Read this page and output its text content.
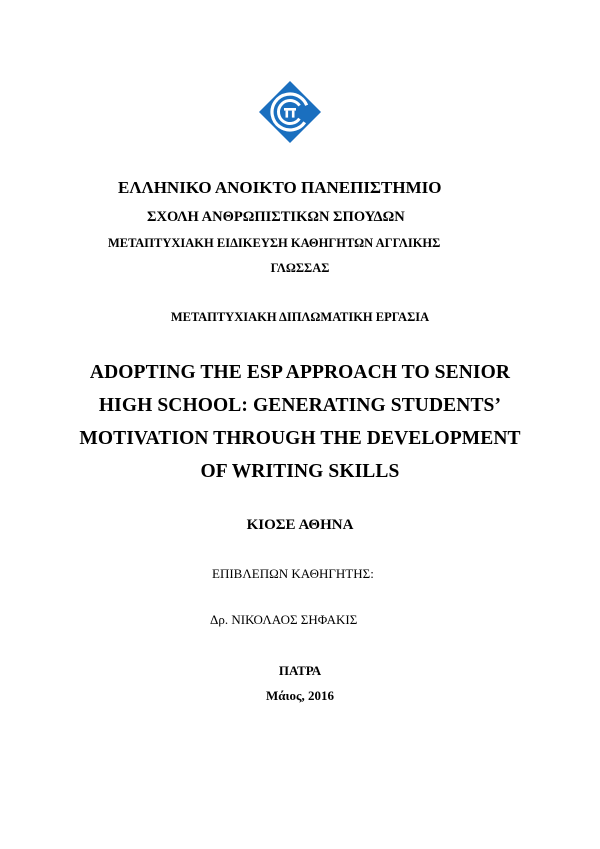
ΕΛΛΗΝΙΚΟ ΑΝΟΙΚΤΟ ΠΑΝΕΠΙΣΤΗΜΙΟ
ΣΧΟΛΗ ΑΝΘΡΩΠΙΣΤΙΚΩΝ ΣΠΟΥΔΩΝ
ΜΕΤΑΠΤΥΧΙΑΚΗ ΕΙΔΙΚΕΥΣΗ ΚΑΘΗΓΗΤΩΝ ΑΓΓΛΙΚΗΣ
ΓΛΩΣΣΑΣ
ΜΕΤΑΠΤΥΧΙΑΚΗ ΔΙΠΛΩΜΑΤΙΚΗ ΕΡΓΑΣΙΑ
ADOPTING THE ESP APPROACH TO SENIOR
HIGH SCHOOL: GENERATING STUDENTS’
MOTIVATION THROUGH THE DEVELOPMENT
OF WRITING SKILLS
ΚΙΟΣΕ ΑΘΗΝΑ
ΕΠΙΒΛΕΠΩΝ ΚΑΘΗΓΗΤΗΣ:
Δρ. ΝΙΚΟΛΑΟΣ ΣΗΦΑΚΙΣ
ΠΑΤΡΑ
Μάιος, 2016
